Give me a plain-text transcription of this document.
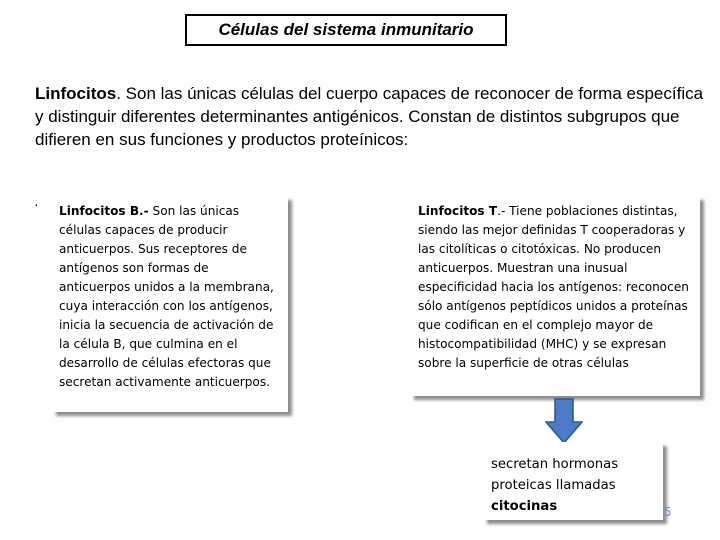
Células del sistema inmunitario

Linfocitos. Son las únicas células del cuerpo capaces de reconocer de forma específica y distinguir diferentes determinantes antigénicos. Constan de distintos subgrupos que difieren en sus funciones y productos proteínicos:

·	Linfocitos B.- Son las únicas células capaces de producir anticuerpos. Sus receptores de antígenos son formas de anticuerpos unidos a la membrana, cuya interacción con los antígenos, inicia la secuencia de activación de la célula B, que culmina en el desarrollo de células efectoras que secretan activamente anticuerpos.
Linfocitos T.- Tiene poblaciones distintas, siendo las mejor definidas T cooperadoras y las citolíticas o citotóxicas. No producen anticuerpos. Muestran una inusual especificidad hacia los antígenos: reconocen sólo antígenos peptídicos unidos a proteínas que codifican en el complejo mayor de histocompatibilidad (MHC) y se expresan sobre la superficie de otras células
secretan hormonas proteicas llamadas citocinas	5
